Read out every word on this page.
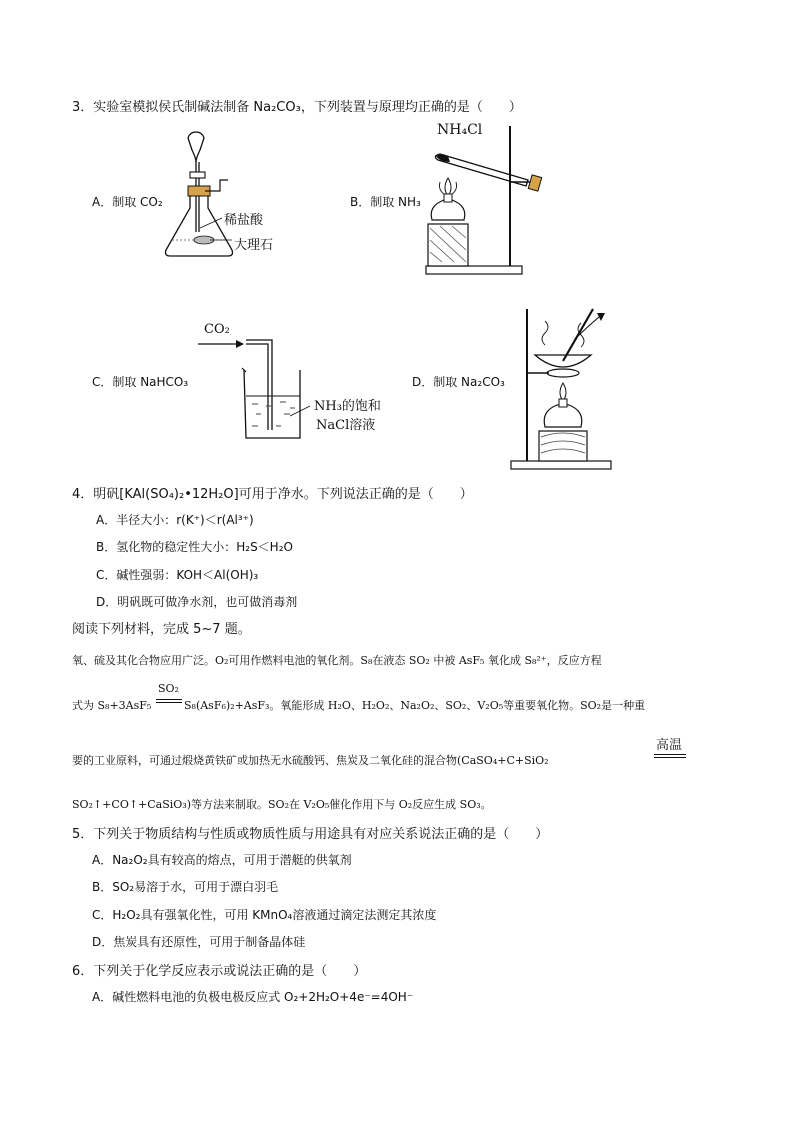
3．实验室模拟侯氏制碱法制备 Na₂CO₃，下列装置与原理均正确的是（　　）
A．制取 CO₂
稀盐酸
大理石
B．制取 NH₃
NH₄Cl
C．制取 NaHCO₃
CO₂
NH₃的饱和
NaCl溶液
D．制取 Na₂CO₃
4．明矾[KAl(SO₄)₂•12H₂O]可用于净水。下列说法正确的是（　　）
A．半径大小：r(K⁺)＜r(Al³⁺)
B．氢化物的稳定性大小：H₂S＜H₂O
C．碱性强弱：KOH＜Al(OH)₃
D．明矾既可做净水剂，也可做消毒剂
阅读下列材料，完成 5~7 题。
氧、硫及其化合物应用广泛。O₂可用作燃料电池的氧化剂。S₈在液态 SO₂ 中被 AsF₅ 氧化成 S₈²⁺，反应方程
式为 S₈+3AsF₅
SO₂
S₈(AsF₆)₂+AsF₃。氧能形成 H₂O、H₂O₂、Na₂O₂、SO₂、V₂O₅等重要氧化物。SO₂是一种重
要的工业原料，可通过煅烧黄铁矿或加热无水硫酸钙、焦炭及二氧化硅的混合物(CaSO₄+C+SiO₂
高温
SO₂↑+CO↑+CaSiO₃)等方法来制取。SO₂在 V₂O₅催化作用下与 O₂反应生成 SO₃。
5．下列关于物质结构与性质或物质性质与用途具有对应关系说法正确的是（　　）
A．Na₂O₂具有较高的熔点，可用于潜艇的供氧剂
B．SO₂易溶于水，可用于漂白羽毛
C．H₂O₂具有强氧化性，可用 KMnO₄溶液通过滴定法测定其浓度
D．焦炭具有还原性，可用于制备晶体硅
6．下列关于化学反应表示或说法正确的是（　　）
A．碱性燃料电池的负极电极反应式 O₂+2H₂O+4e⁻=4OH⁻
